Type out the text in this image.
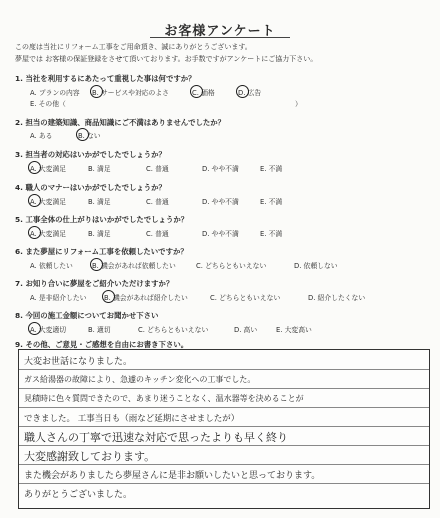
お客様アンケート
この度は当社にリフォーム工事をご用命頂き、誠にありがとうございます。
夢屋では お客様の保証登録をさせて頂いております。お手数ですがアンケートにご協力下さい。
1. 当社を利用するにあたって重視した事は何ですか？
A. プランの内容	B. サービスや対応のよさ	C. 価格	D. 広告
E. その他（	）
2. 担当の建築知識、商品知識にご不満はありませんでしたか？
A. ある	B. ない
3. 担当者の対応はいかがでしたでしょうか？
A. 大変満足	B. 満足	C. 普通	D. やや不満	E. 不満
4. 職人のマナーはいかがでしたでしょうか？
A. 大変満足	B. 満足	C. 普通	D. やや不満	E. 不満
5. 工事全体の仕上がりはいかがでしたでしょうか？
A. 大変満足	B. 満足	C. 普通	D. やや不満	E. 不満
6. また夢屋にリフォーム工事を依頼したいですか？
A. 依頼したい	B. 機会があれば依頼したい	C. どちらともいえない	D. 依頼しない
7. お知り合いに夢屋をご紹介いただけますか？
A. 是非紹介したい	B. 機会があれば紹介したい	C. どちらともいえない	D. 紹介したくない
8. 今回の施工金額についてお聞かせ下さい
A. 大変適切	B. 適切	C. どちらともいえない	D. 高い	E. 大変高い
9. その他、ご意見・ご感想を自由にお書き下さい。
大変お世話になりました。
ガス給湯器の故障により、急遽のキッチン変化への工事でした。
見積時に色々質問できたので、あまり迷うことなく、温水器等を決めることが
できました。 工事当日も（雨など延期にさせましたが）
職人さんの丁寧で迅速な対応で思ったよりも早く終り
大変感謝致しております。
また機会がありましたら夢屋さんに是非お願いしたいと思っております。
ありがとうございました。
